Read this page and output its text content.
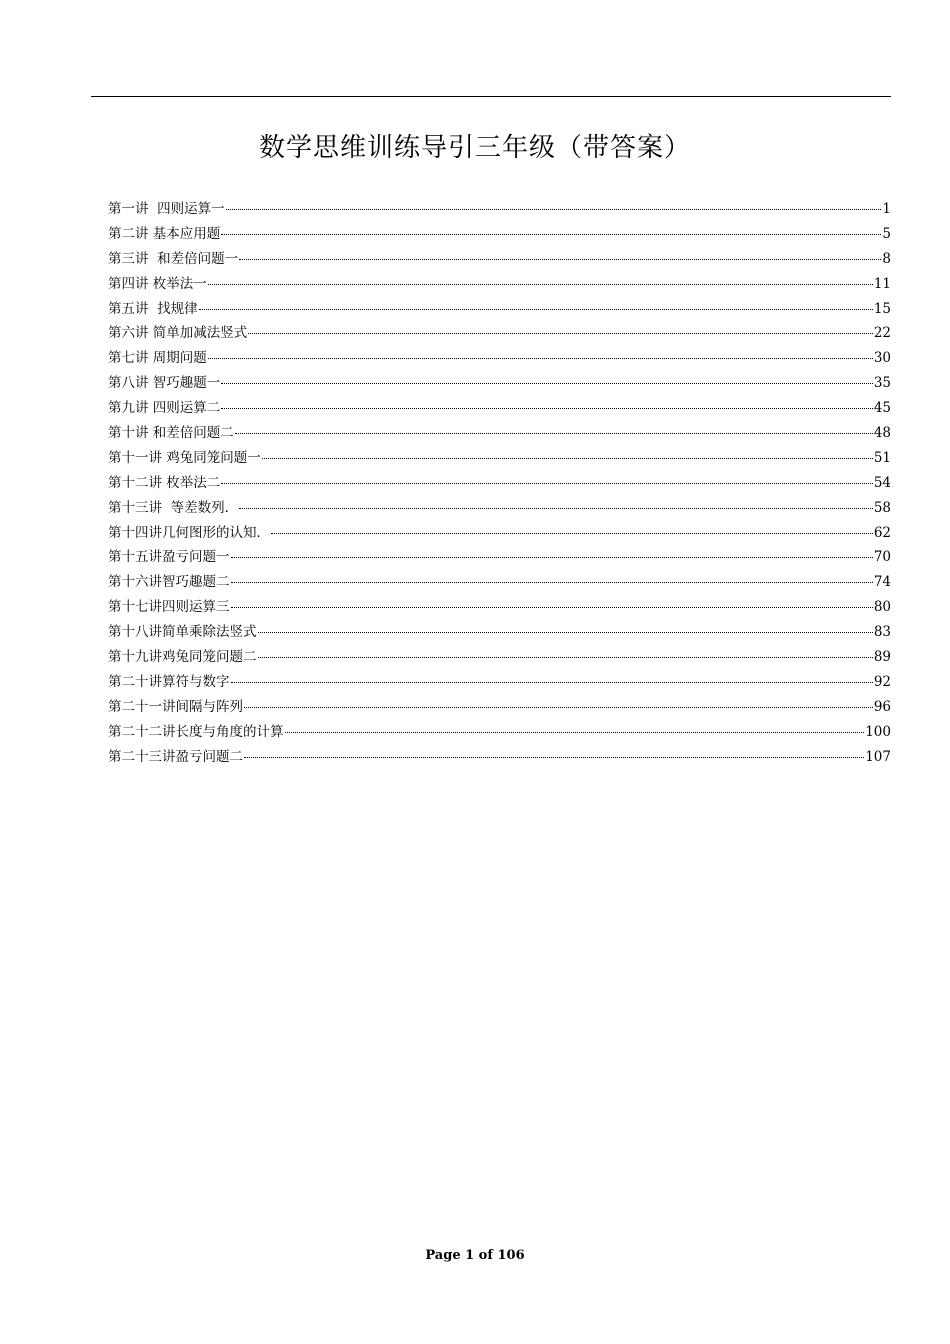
数学思维训练导引三年级（带答案）
第一讲  四则运算一	1
第二讲 基本应用题	5
第三讲  和差倍问题一	8
第四讲 枚举法一	11
第五讲  找规律	15
第六讲 简单加减法竖式	22
第七讲 周期问题	30
第八讲 智巧趣题一	35
第九讲 四则运算二	45
第十讲 和差倍问题二	48
第十一讲 鸡兔同笼问题一	51
第十二讲 枚举法二	54
第十三讲  等差数列．	58
第十四讲几何图形的认知．	62
第十五讲盈亏问题一	70
第十六讲智巧趣题二	74
第十七讲四则运算三	80
第十八讲简单乘除法竖式	83
第十九讲鸡兔同笼问题二	89
第二十讲算符与数字	92
第二十一讲间隔与阵列	96
第二十二讲长度与角度的计算	100
第二十三讲盈亏问题二	107
Page 1 of 106
